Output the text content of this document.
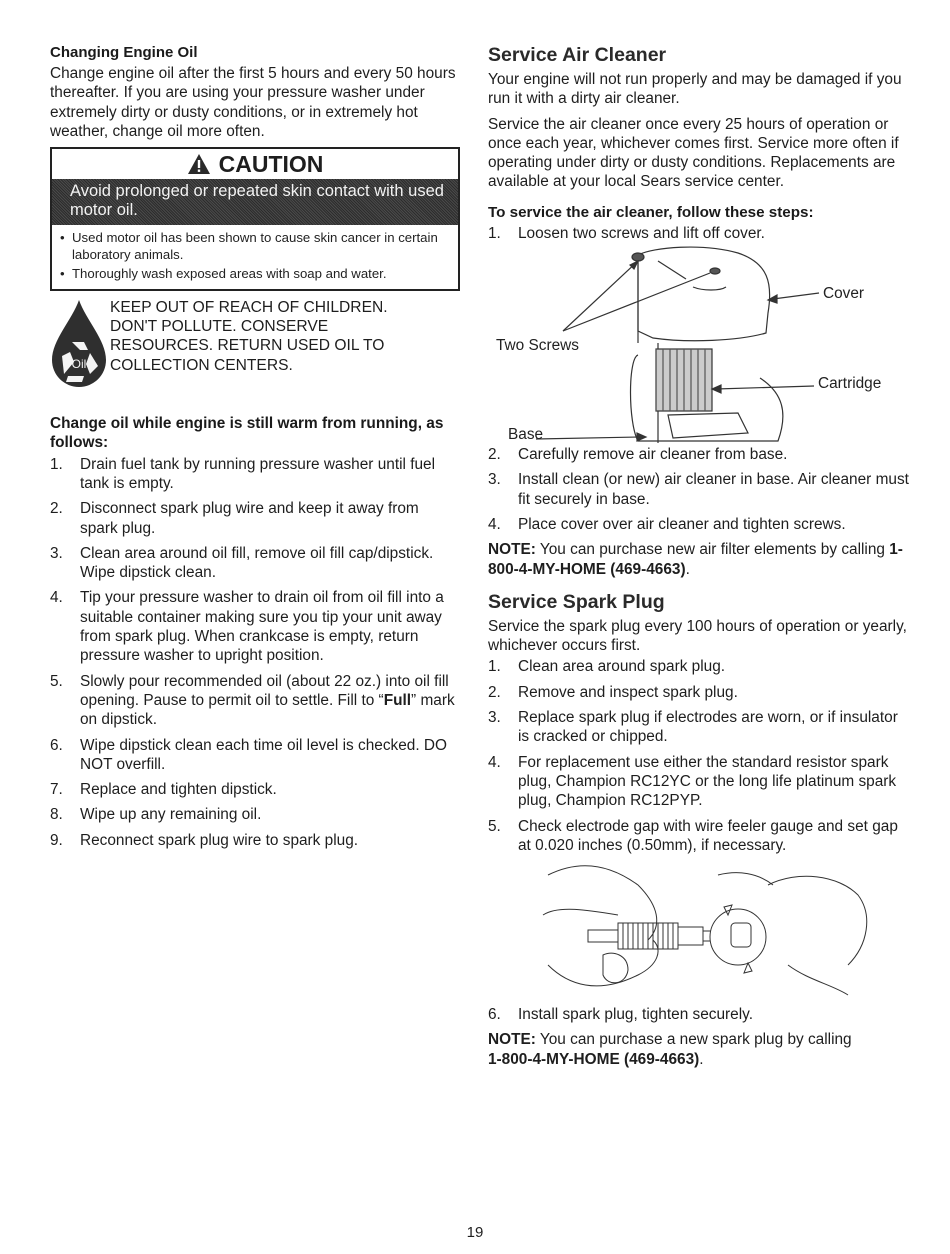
Changing Engine Oil

Change engine oil after the first 5 hours and every 50 hours thereafter. If you are using your pressure washer under extremely dirty or dusty conditions, or in extremely hot weather, change oil more often.

CAUTION
Avoid prolonged or repeated skin contact with used motor oil.
• Used motor oil has been shown to cause skin cancer in certain laboratory animals.
• Thoroughly wash exposed areas with soap and water.
Oil
KEEP OUT OF REACH OF CHILDREN.
DON'T POLLUTE. CONSERVE
RESOURCES. RETURN USED OIL TO
COLLECTION CENTERS.
Change oil while engine is still warm from running, as follows:
1. Drain fuel tank by running pressure washer until fuel tank is empty.
2. Disconnect spark plug wire and keep it away from spark plug.
3. Clean area around oil fill, remove oil fill cap/dipstick. Wipe dipstick clean.
4. Tip your pressure washer to drain oil from oil fill into a suitable container making sure you tip your unit away from spark plug. When crankcase is empty, return pressure washer to upright position.
5. Slowly pour recommended oil (about 22 oz.) into oil fill opening. Pause to permit oil to settle. Fill to “Full” mark on dipstick.
6. Wipe dipstick clean each time oil level is checked. DO NOT overfill.
7. Replace and tighten dipstick.
8. Wipe up any remaining oil.
9. Reconnect spark plug wire to spark plug.
Service Air Cleaner

Your engine will not run properly and may be damaged if you run it with a dirty air cleaner.

Service the air cleaner once every 25 hours of operation or once each year, whichever comes first. Service more often if operating under dirty or dusty conditions. Replacements are available at your local Sears service center.

To service the air cleaner, follow these steps:
1. Loosen two screws and lift off cover.
Two Screws
Cover
Cartridge
Base
2. Carefully remove air cleaner from base.
3. Install clean (or new) air cleaner in base. Air cleaner must fit securely in base.
4. Place cover over air cleaner and tighten screws.

NOTE: You can purchase new air filter elements by calling 1-800-4-MY-HOME (469-4663).

Service Spark Plug

Service the spark plug every 100 hours of operation or yearly, whichever occurs first.

1. Clean area around spark plug.
2. Remove and inspect spark plug.
3. Replace spark plug if electrodes are worn, or if insulator is cracked or chipped.
4. For replacement use either the standard resistor spark plug, Champion RC12YC or the long life platinum spark plug, Champion RC12PYP.
5. Check electrode gap with wire feeler gauge and set gap at 0.020 inches (0.50mm), if necessary.
6. Install spark plug, tighten securely.

NOTE: You can purchase a new spark plug by calling
1-800-4-MY-HOME (469-4663).

19
